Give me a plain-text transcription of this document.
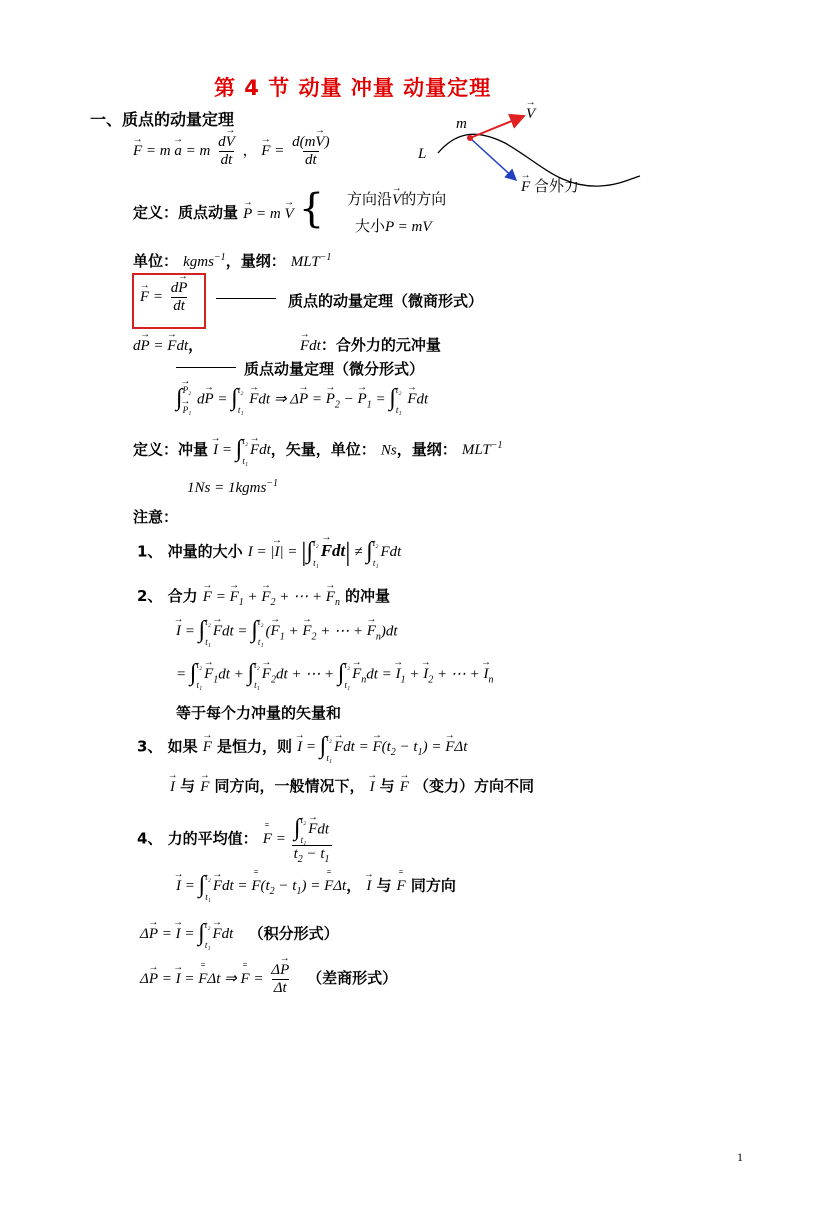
第 4 节 动量 冲量 动量定理
一、质点的动量定理	m
→ V
L
→ F 合外力
→ F = m → a = m $\frac{d\to V}{dt}$ ， → $F = \frac{d(m\to V)}{dt}$
定义：质点动量 → P = m → V { 方向沿→ V的方向
大小P = mV
单位： kgms$^{-1}$，量纲： $MLT^{-1}$
→ $F = \frac{d\to P}{dt}$	质点的动量定理（微商形式）
d→ P = → Fdt，	→ Fdt：合外力的元冲量
质点动量定理（微分形式）
∫ → P₂
→ P₁
d→ P = ∫ t₂
t₁
→ Fdt ⇒ Δ→ P = → $P_2$ − → $P_1$ = ∫ t₂
t₁
→ Fdt
定义：冲量 → I = ∫ t₂
t₁
→ Fdt，矢量，单位： Ns，量纲： $MLT^{-1}$
1Ns = 1kgms$^{-1}$
注意：
1、 冲量的大小 I = |→ I| = |∫ t₂
t₁
→ Fdt| ≠ ∫ t₂
t₁
Fdt
2、 合力 → F = → $F_1$ + → $F_2$ + ⋯ + → $F_n$ 的冲量
→ I = ∫ t₂
t₁
→ Fdt = ∫ t₂
t₁
(→ $F_1$ + → $F_2$ + ⋯ + → $F_n)dt$
= ∫ t₂
t₁
→ $F_1dt$ + ∫ t₂
t₁
→ $F_2dt$ + ⋯ + ∫ t₂
t₁
→ $F_ndt$ = → $I_1$ + → $I_2$ + ⋯ + → $I_n$
等于每个力冲量的矢量和
3、 如果 → F 是恒力，则 → I = ∫ t₂
t₁
→ Fdt = → $F(t_2 - t_1)$ = → FΔt
→ I 与 → F 同方向，一般情况下， → I 与 → F （变力）方向不同
4、 力的平均值： = F = ∫ t₂
t₁
→ Fdt
$t_2 - t_1$
→ I = ∫ t₂
t₁
→ Fdt = = $F(t_2 - t_1)$ = = FΔt， → I 与 = F 同方向
Δ→ P = → I = ∫ t₂
t₁
→ Fdt （积分形式）
Δ→ P = → I = = FΔt ⇒ = $F = \frac{\Delta\to P}{\Delta t}$ （差商形式）
1
